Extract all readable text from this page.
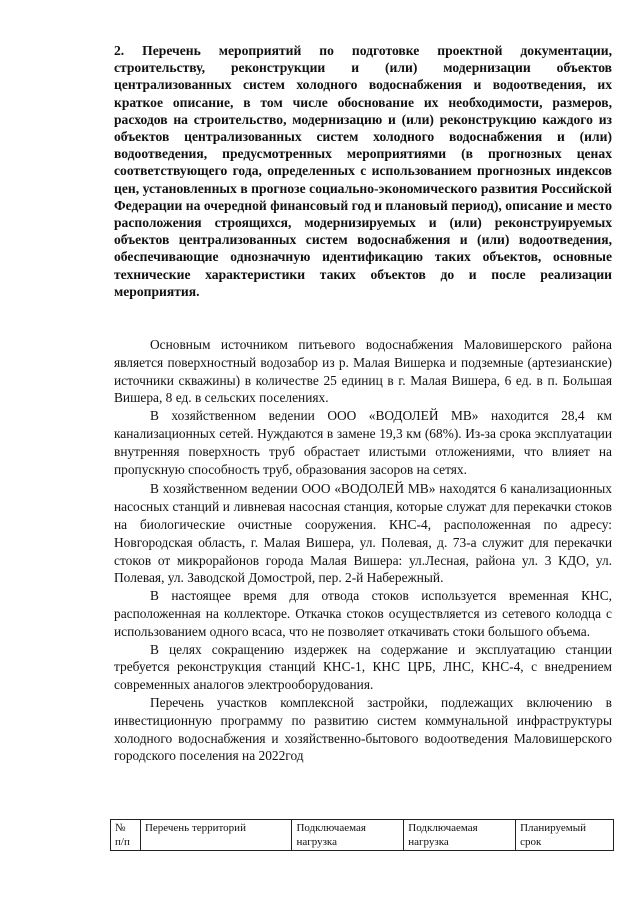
2. Перечень мероприятий по подготовке проектной документации, строительству, реконструкции и (или) модернизации объектов централизованных систем холодного водоснабжения и водоотведения, их краткое описание, в том числе обоснование их необходимости, размеров, расходов на строительство, модернизацию и (или) реконструкцию каждого из объектов централизованных систем холодного водоснабжения и (или) водоотведения, предусмотренных мероприятиями (в прогнозных ценах соответствующего года, определенных с использованием прогнозных индексов цен, установленных в прогнозе социально-экономического развития Российской Федерации на очередной финансовый год и плановый период), описание и место расположения строящихся, модернизируемых и (или) реконструируемых объектов централизованных систем водоснабжения и (или) водоотведения, обеспечивающие однозначную идентификацию таких объектов, основные технические характеристики таких объектов до и после реализации мероприятия.

Основным источником питьевого водоснабжения Маловишерского района является поверхностный водозабор из р. Малая Вишерка и подземные (артезианские) источники скважины) в количестве 25 единиц в г. Малая Вишера, 6 ед. в п. Большая Вишера, 8 ед. в сельских поселениях.

В хозяйственном ведении ООО «ВОДОЛЕЙ МВ» находится 28,4 км канализационных сетей. Нуждаются в замене 19,3 км (68%). Из-за срока эксплуатации внутренняя поверхность труб обрастает илистыми отложениями, что влияет на пропускную способность труб, образования засоров на сетях.

В хозяйственном ведении ООО «ВОДОЛЕЙ МВ» находятся 6 канализационных насосных станций и ливневая насосная станция, которые служат для перекачки стоков на биологические очистные сооружения. КНС-4, расположенная по адресу: Новгородская область, г. Малая Вишера, ул. Полевая, д. 73-а служит для перекачки стоков от микрорайонов города Малая Вишера: ул.Лесная, района ул. 3 КДО, ул. Полевая, ул. Заводской Домострой, пер. 2-й Набережный.

В настоящее время для отвода стоков используется временная КНС, расположенная на коллекторе. Откачка стоков осуществляется из сетевого колодца с использованием одного всаса, что не позволяет откачивать стоки большого объема.

В целях сокращению издержек на содержание и эксплуатацию станции требуется реконструкция станций КНС-1, КНС ЦРБ, ЛНС, КНС-4, с внедрением современных аналогов электрооборудования.

Перечень участков комплексной застройки, подлежащих включению в инвестиционную программу по развитию систем коммунальной инфраструктуры холодного водоснабжения и хозяйственно-бытового водоотведения Маловишерского городского поселения на 2022год

№ п/п	Перечень территорий	Подключаемая нагрузка	Подключаемая нагрузка	Планируемый срок
